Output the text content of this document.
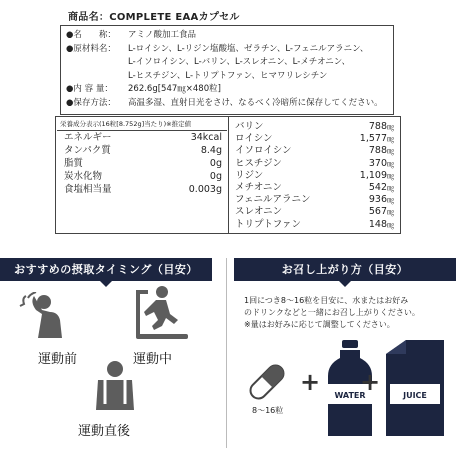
商品名：COMPLETE EAAカプセル
●名　　称： アミノ酸加工食品
●原材料名： L-ロイシン、L-リジン塩酸塩、ゼラチン、L-フェニルアラニン、
L-イソロイシン、L-バリン、L-スレオニン、L-メチオニン、
L-ヒスチジン、L-トリプトファン、ヒマワリレシチン
●内 容 量： 262.6g[547㎎×480粒]
●保存方法： 高温多湿、直射日光をさけ、なるべく冷暗所に保存してください。
栄養成分表示(16粒[8.752g]当たり)※推定値
エネルギー	34kcal
タンパク質	8.4g
脂質	0g
炭水化物	0g
食塩相当量	0.003g
バリン	788㎎
ロイシン	1,577㎎
イソロイシン	788㎎
ヒスチジン	370㎎
リジン	1,109㎎
メチオニン	542㎎
フェニルアラニン	936㎎
スレオニン	567㎎
トリプトファン	148㎎
おすすめの摂取タイミング（目安）	お召し上がり方（目安）
運動前	運動中
運動直後
1回につき8～16粒を目安に、水またはお好み
のドリンクなどと一緒にお召し上がりください。
※量はお好みに応じて調整してください。
8～16粒
+ WATER
+	JUICE
